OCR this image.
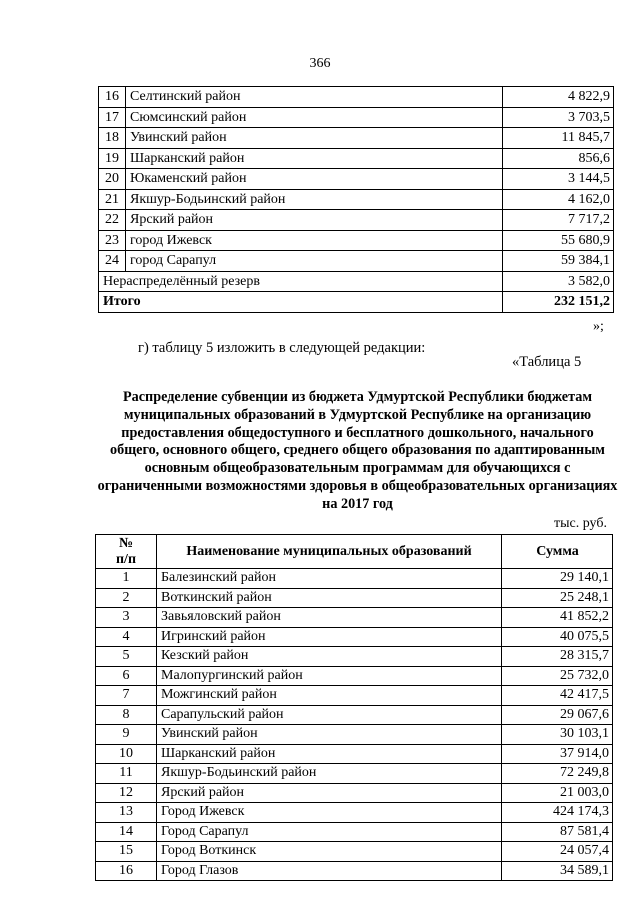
366
16	Селтинский район	4 822,9
17	Сюмсинский район	3 703,5
18	Увинский район	11 845,7
19	Шарканский район	856,6
20	Юкаменский район	3 144,5
21	Якшур-Бодьинский район	4 162,0
22	Ярский район	7 717,2
23	город Ижевск	55 680,9
24	город Сарапул	59 384,1
Нераспределённый резерв		3 582,0
Итого		232 151,2
»;
г) таблицу 5 изложить в следующей редакции:
«Таблица 5

Распределение субвенции из бюджета Удмуртской Республики бюджетам муниципальных образований в Удмуртской Республике на организацию предоставления общедоступного и бесплатного дошкольного, начального общего, основного общего, среднего общего образования по адаптированным основным общеобразовательным программам для обучающихся с ограниченными возможностями здоровья в общеобразовательных организациях на 2017 год

тыс. руб.
№
п/п	Наименование муниципальных образований	Сумма
1	Балезинский район	29 140,1
2	Воткинский район	25 248,1
3	Завьяловский район	41 852,2
4	Игринский район	40 075,5
5	Кезский район	28 315,7
6	Малопургинский район	25 732,0
7	Можгинский район	42 417,5
8	Сарапульский район	29 067,6
9	Увинский район	30 103,1
10	Шарканский район	37 914,0
11	Якшур-Бодьинский район	72 249,8
12	Ярский район	21 003,0
13	Город Ижевск	424 174,3
14	Город Сарапул	87 581,4
15	Город Воткинск	24 057,4
16	Город Глазов	34 589,1
